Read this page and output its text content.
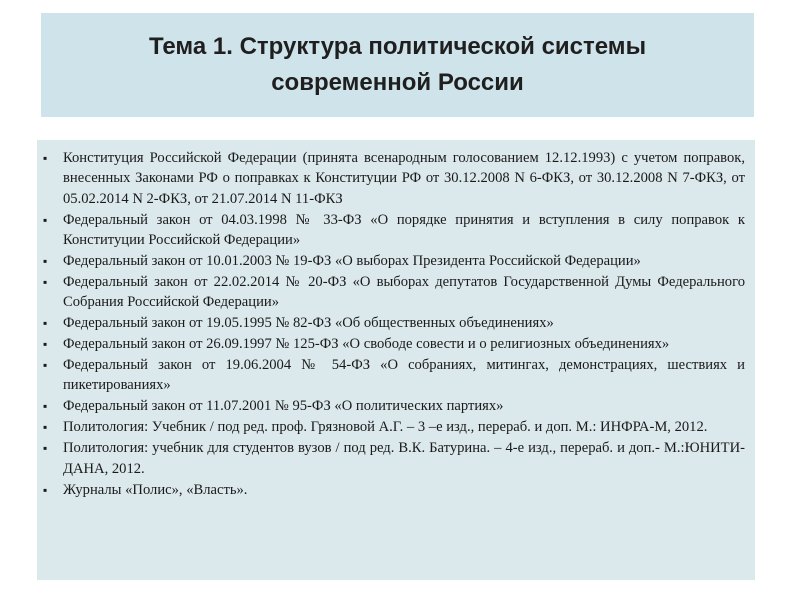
Тема 1. Структура политической системы современной России
▪	Конституция Российской Федерации (принята всенародным голосованием 12.12.1993) с учетом поправок, внесенных Законами РФ о поправках к Конституции РФ от 30.12.2008 N 6-ФКЗ, от 30.12.2008 N 7-ФКЗ, от 05.02.2014 N 2-ФКЗ, от 21.07.2014 N 11-ФКЗ
▪	Федеральный закон от 04.03.1998 № 33-ФЗ «О порядке принятия и вступления в силу поправок к Конституции Российской Федерации»
▪	Федеральный закон от 10.01.2003 № 19-ФЗ «О выборах Президента Российской Федерации»
▪	Федеральный закон от 22.02.2014 № 20-ФЗ «О выборах депутатов Государственной Думы Федерального Собрания Российской Федерации»
▪	Федеральный закон от 19.05.1995 № 82-ФЗ «Об общественных объединениях»
▪	Федеральный закон от 26.09.1997 № 125-ФЗ «О свободе совести и о религиозных объединениях»
▪	Федеральный закон от 19.06.2004 № 54-ФЗ «О собраниях, митингах, демонстрациях, шествиях и пикетированиях»
▪	Федеральный закон от 11.07.2001 № 95-ФЗ «О политических партиях»
▪	Политология: Учебник / под ред. проф. Грязновой А.Г. – 3 –е изд., перераб. и доп. М.: ИНФРА-М, 2012.
▪	Политология: учебник для студентов вузов / под ред. В.К. Батурина. – 4-е изд., перераб. и доп.- М.:ЮНИТИ-ДАНА, 2012.
▪	Журналы «Полис», «Власть».
